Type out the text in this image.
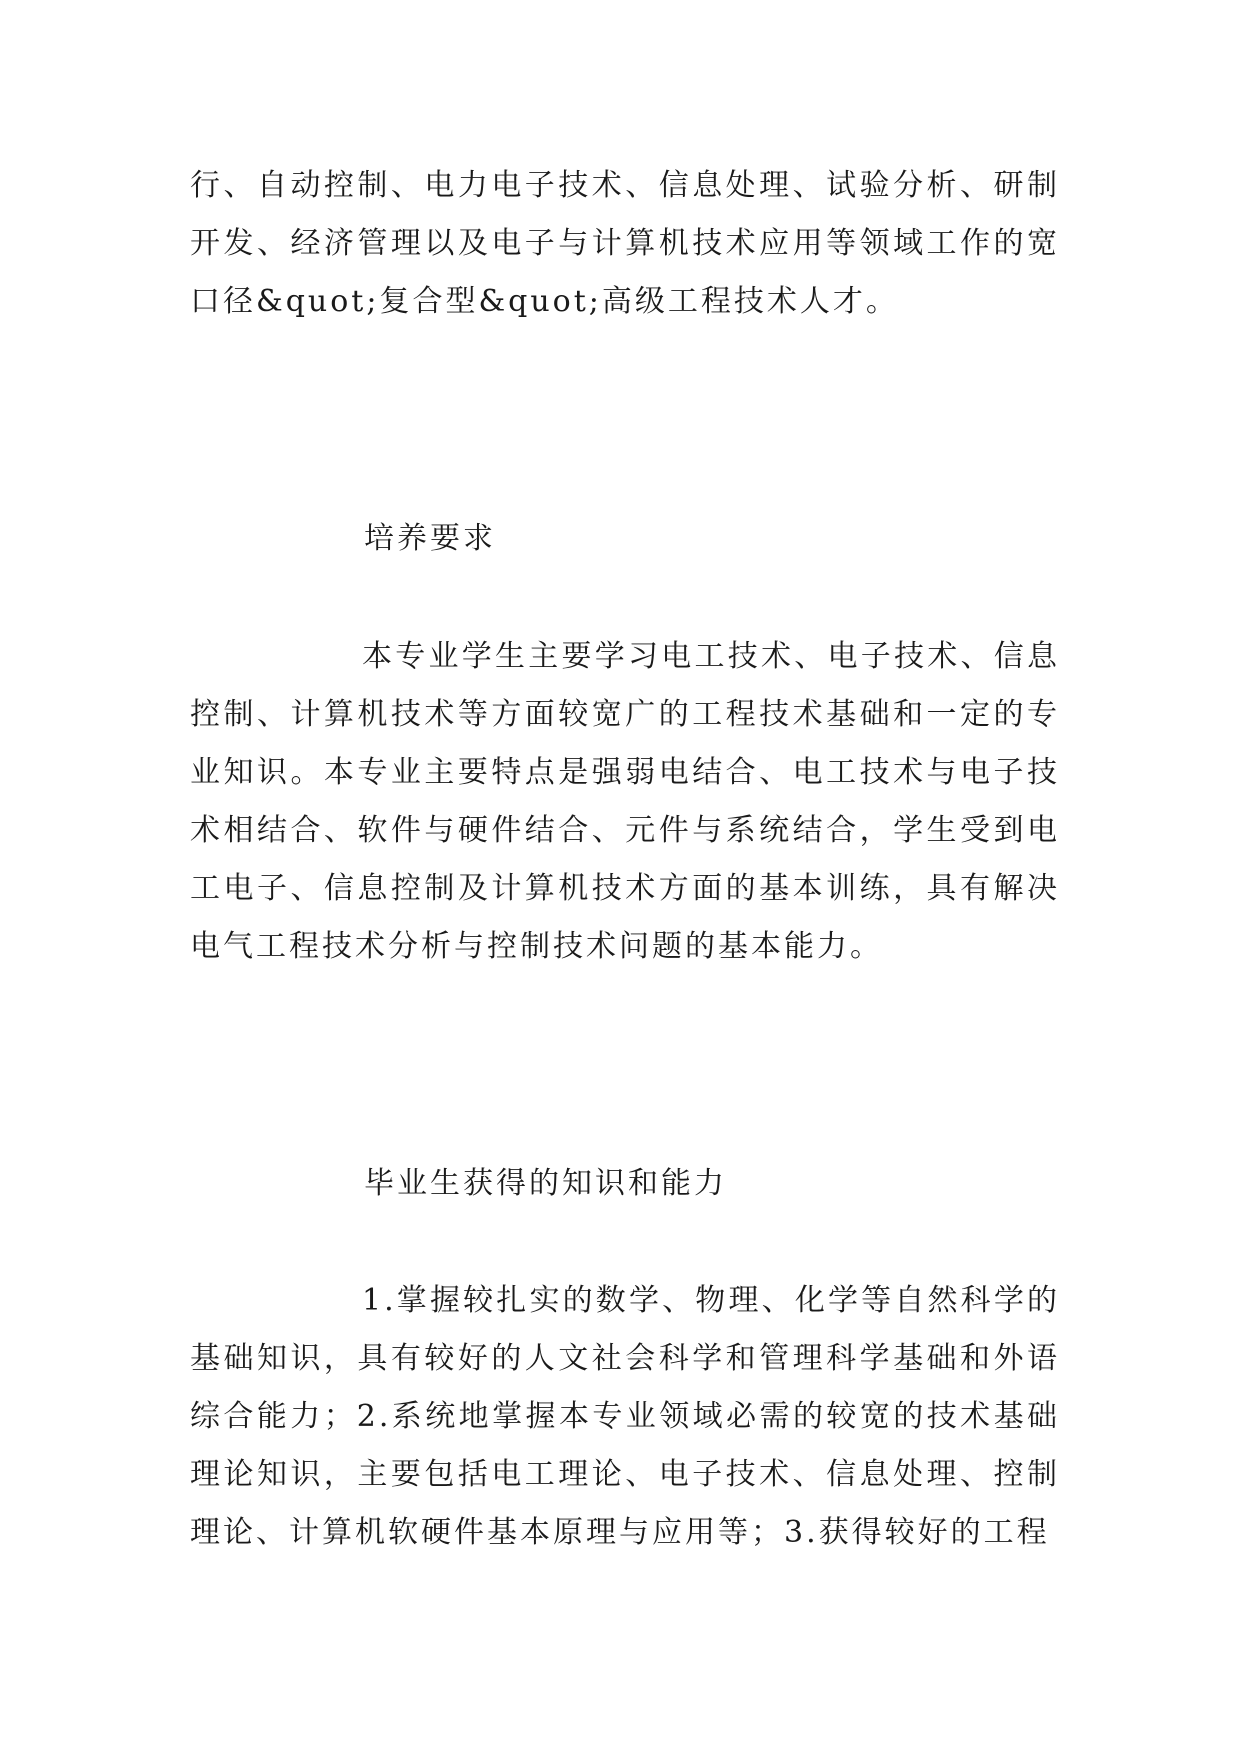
行、自动控制、电力电子技术、信息处理、试验分析、研制开发、经济管理以及电子与计算机技术应用等领域工作的宽口径&quot;复合型&quot;高级工程技术人才。

培养要求

本专业学生主要学习电工技术、电子技术、信息控制、计算机技术等方面较宽广的工程技术基础和一定的专业知识。本专业主要特点是强弱电结合、电工技术与电子技术相结合、软件与硬件结合、元件与系统结合，学生受到电工电子、信息控制及计算机技术方面的基本训练，具有解决电气工程技术分析与控制技术问题的基本能力。

毕业生获得的知识和能力

1.掌握较扎实的数学、物理、化学等自然科学的基础知识，具有较好的人文社会科学和管理科学基础和外语综合能力；2.系统地掌握本专业领域必需的较宽的技术基础理论知识，主要包括电工理论、电子技术、信息处理、控制理论、计算机软硬件基本原理与应用等；3.获得较好的工程
